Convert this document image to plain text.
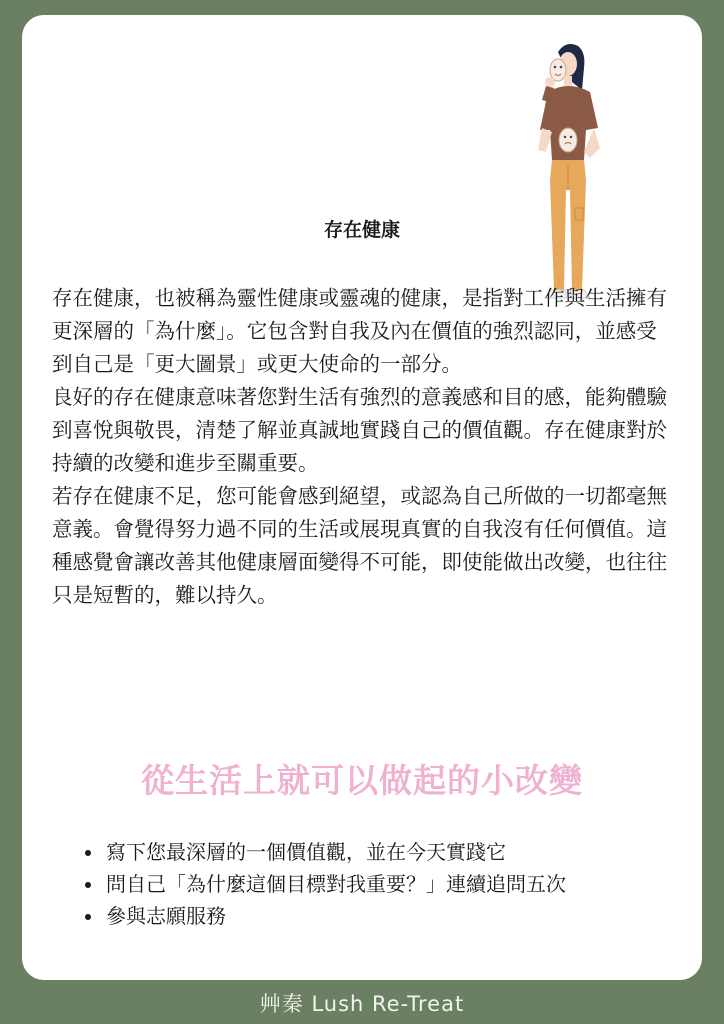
存在健康

存在健康，也被稱為靈性健康或靈魂的健康，是指對工作與生活擁有更深層的「為什麼」。它包含對自我及內在價值的強烈認同，並感受到自己是「更大圖景」或更大使命的一部分。

良好的存在健康意味著您對生活有強烈的意義感和目的感，能夠體驗到喜悅與敬畏，清楚了解並真誠地實踐自己的價值觀。存在健康對於持續的改變和進步至關重要。

若存在健康不足，您可能會感到絕望，或認為自己所做的一切都毫無意義。會覺得努力過不同的生活或展現真實的自我沒有任何價值。這種感覺會讓改善其他健康層面變得不可能，即使能做出改變，也往往只是短暫的，難以持久。

從生活上就可以做起的小改變
• 寫下您最深層的一個價值觀，並在今天實踐它
• 問自己「為什麼這個目標對我重要？」連續追問五次
• 參與志願服務
艸秦 Lush Re-Treat
